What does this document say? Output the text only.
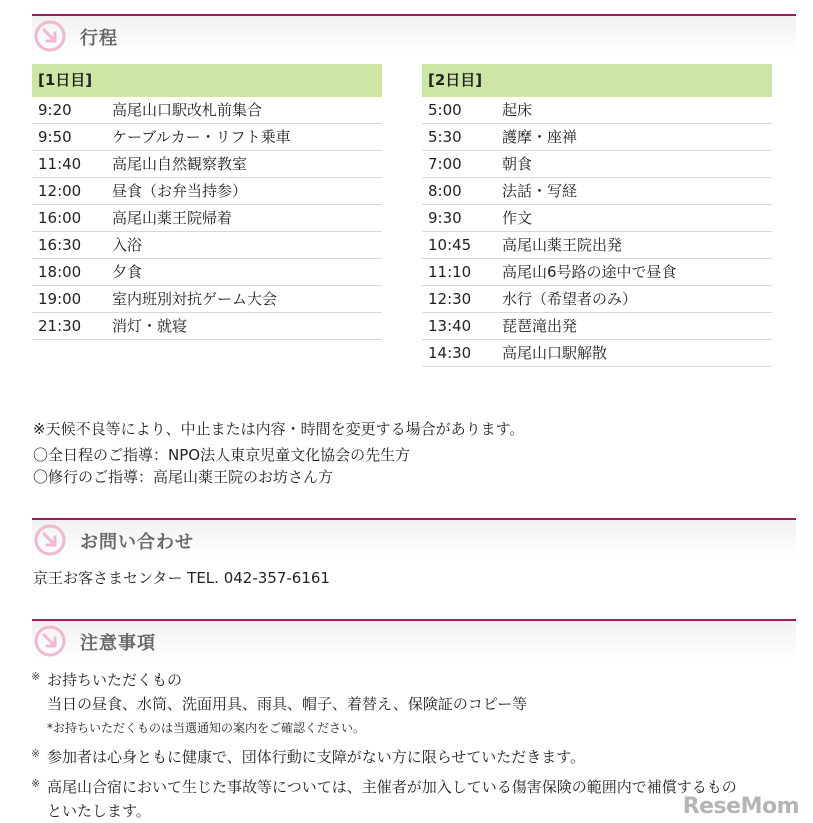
行程
[1日目]
9:20	高尾山口駅改札前集合
9:50	ケーブルカー・リフト乗車
11:40 高尾山自然観察教室
12:00 昼食（お弁当持参）
16:00 高尾山薬王院帰着
16:30 入浴
18:00 夕食
19:00 室内班別対抗ゲーム大会
21:30 消灯・就寝
[2日目]
5:00	起床
5:30	護摩・座禅
7:00	朝食
8:00	法話・写経
9:30	作文
10:45 高尾山薬王院出発
11:10 高尾山6号路の途中で昼食
12:30 水行（希望者のみ）
13:40 琵琶滝出発
14:30 高尾山口駅解散
※天候不良等により、中止または内容・時間を変更する場合があります。
〇全日程のご指導：NPO法人東京児童文化協会の先生方
〇修行のご指導：高尾山薬王院のお坊さん方
お問い合わせ
京王お客さまセンター TEL. 042-357-6161
注意事項
※ お持ちいただくもの
当日の昼食、水筒、洗面用具、雨具、帽子、着替え、保険証のコピー等
*お持ちいただくものは当選通知の案内をご確認ください。
※ 参加者は心身ともに健康で、団体行動に支障がない方に限らせていただきます。
※ 高尾山合宿において生じた事故等については、主催者が加入している傷害保険の範囲内で補償するもの
といたします。	ReseMom
